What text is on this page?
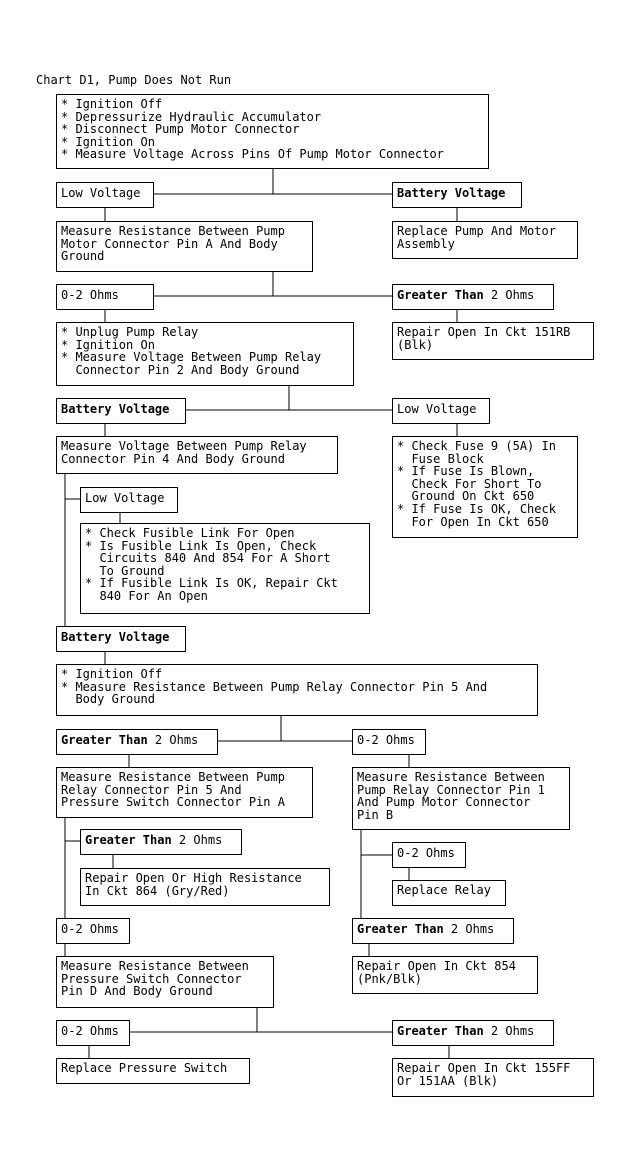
Chart D1, Pump Does Not Run
* Ignition Off
* Depressurize Hydraulic Accumulator
* Disconnect Pump Motor Connector
* Ignition On
* Measure Voltage Across Pins Of Pump Motor Connector
Low Voltage	Battery Voltage
Measure Resistance Between Pump
Motor Connector Pin A And Body
Ground
Replace Pump And Motor
Assembly
0-2 Ohms	Greater Than 2 Ohms
* Unplug Pump Relay
* Ignition On
* Measure Voltage Between Pump Relay
Connector Pin 2 And Body Ground
Repair Open In Ckt 151RB
(Blk)
Battery Voltage	Low Voltage
Measure Voltage Between Pump Relay
Connector Pin 4 And Body Ground
* Check Fuse 9 (5A) In
Fuse Block
* If Fuse Is Blown,
Check For Short To
Ground On Ckt 650
* If Fuse Is OK, Check
For Open In Ckt 650
Low Voltage
* Check Fusible Link For Open
* Is Fusible Link Is Open, Check
Circuits 840 And 854 For A Short
To Ground
* If Fusible Link Is OK, Repair Ckt
840 For An Open
Battery Voltage
* Ignition Off
* Measure Resistance Between Pump Relay Connector Pin 5 And
Body Ground
Greater Than 2 Ohms	0-2 Ohms
Measure Resistance Between Pump
Relay Connector Pin 5 And
Pressure Switch Connector Pin A
Measure Resistance Between
Pump Relay Connector Pin 1
And Pump Motor Connector
Pin B
Greater Than 2 Ohms
Repair Open Or High Resistance
In Ckt 864 (Gry/Red)
0-2 Ohms
Replace Relay
0-2 Ohms	Greater Than 2 Ohms
Measure Resistance Between
Pressure Switch Connector
Pin D And Body Ground
Repair Open In Ckt 854
(Pnk/Blk)
0-2 Ohms	Greater Than 2 Ohms
Replace Pressure Switch	Repair Open In Ckt 155FF
Or 151AA (Blk)
